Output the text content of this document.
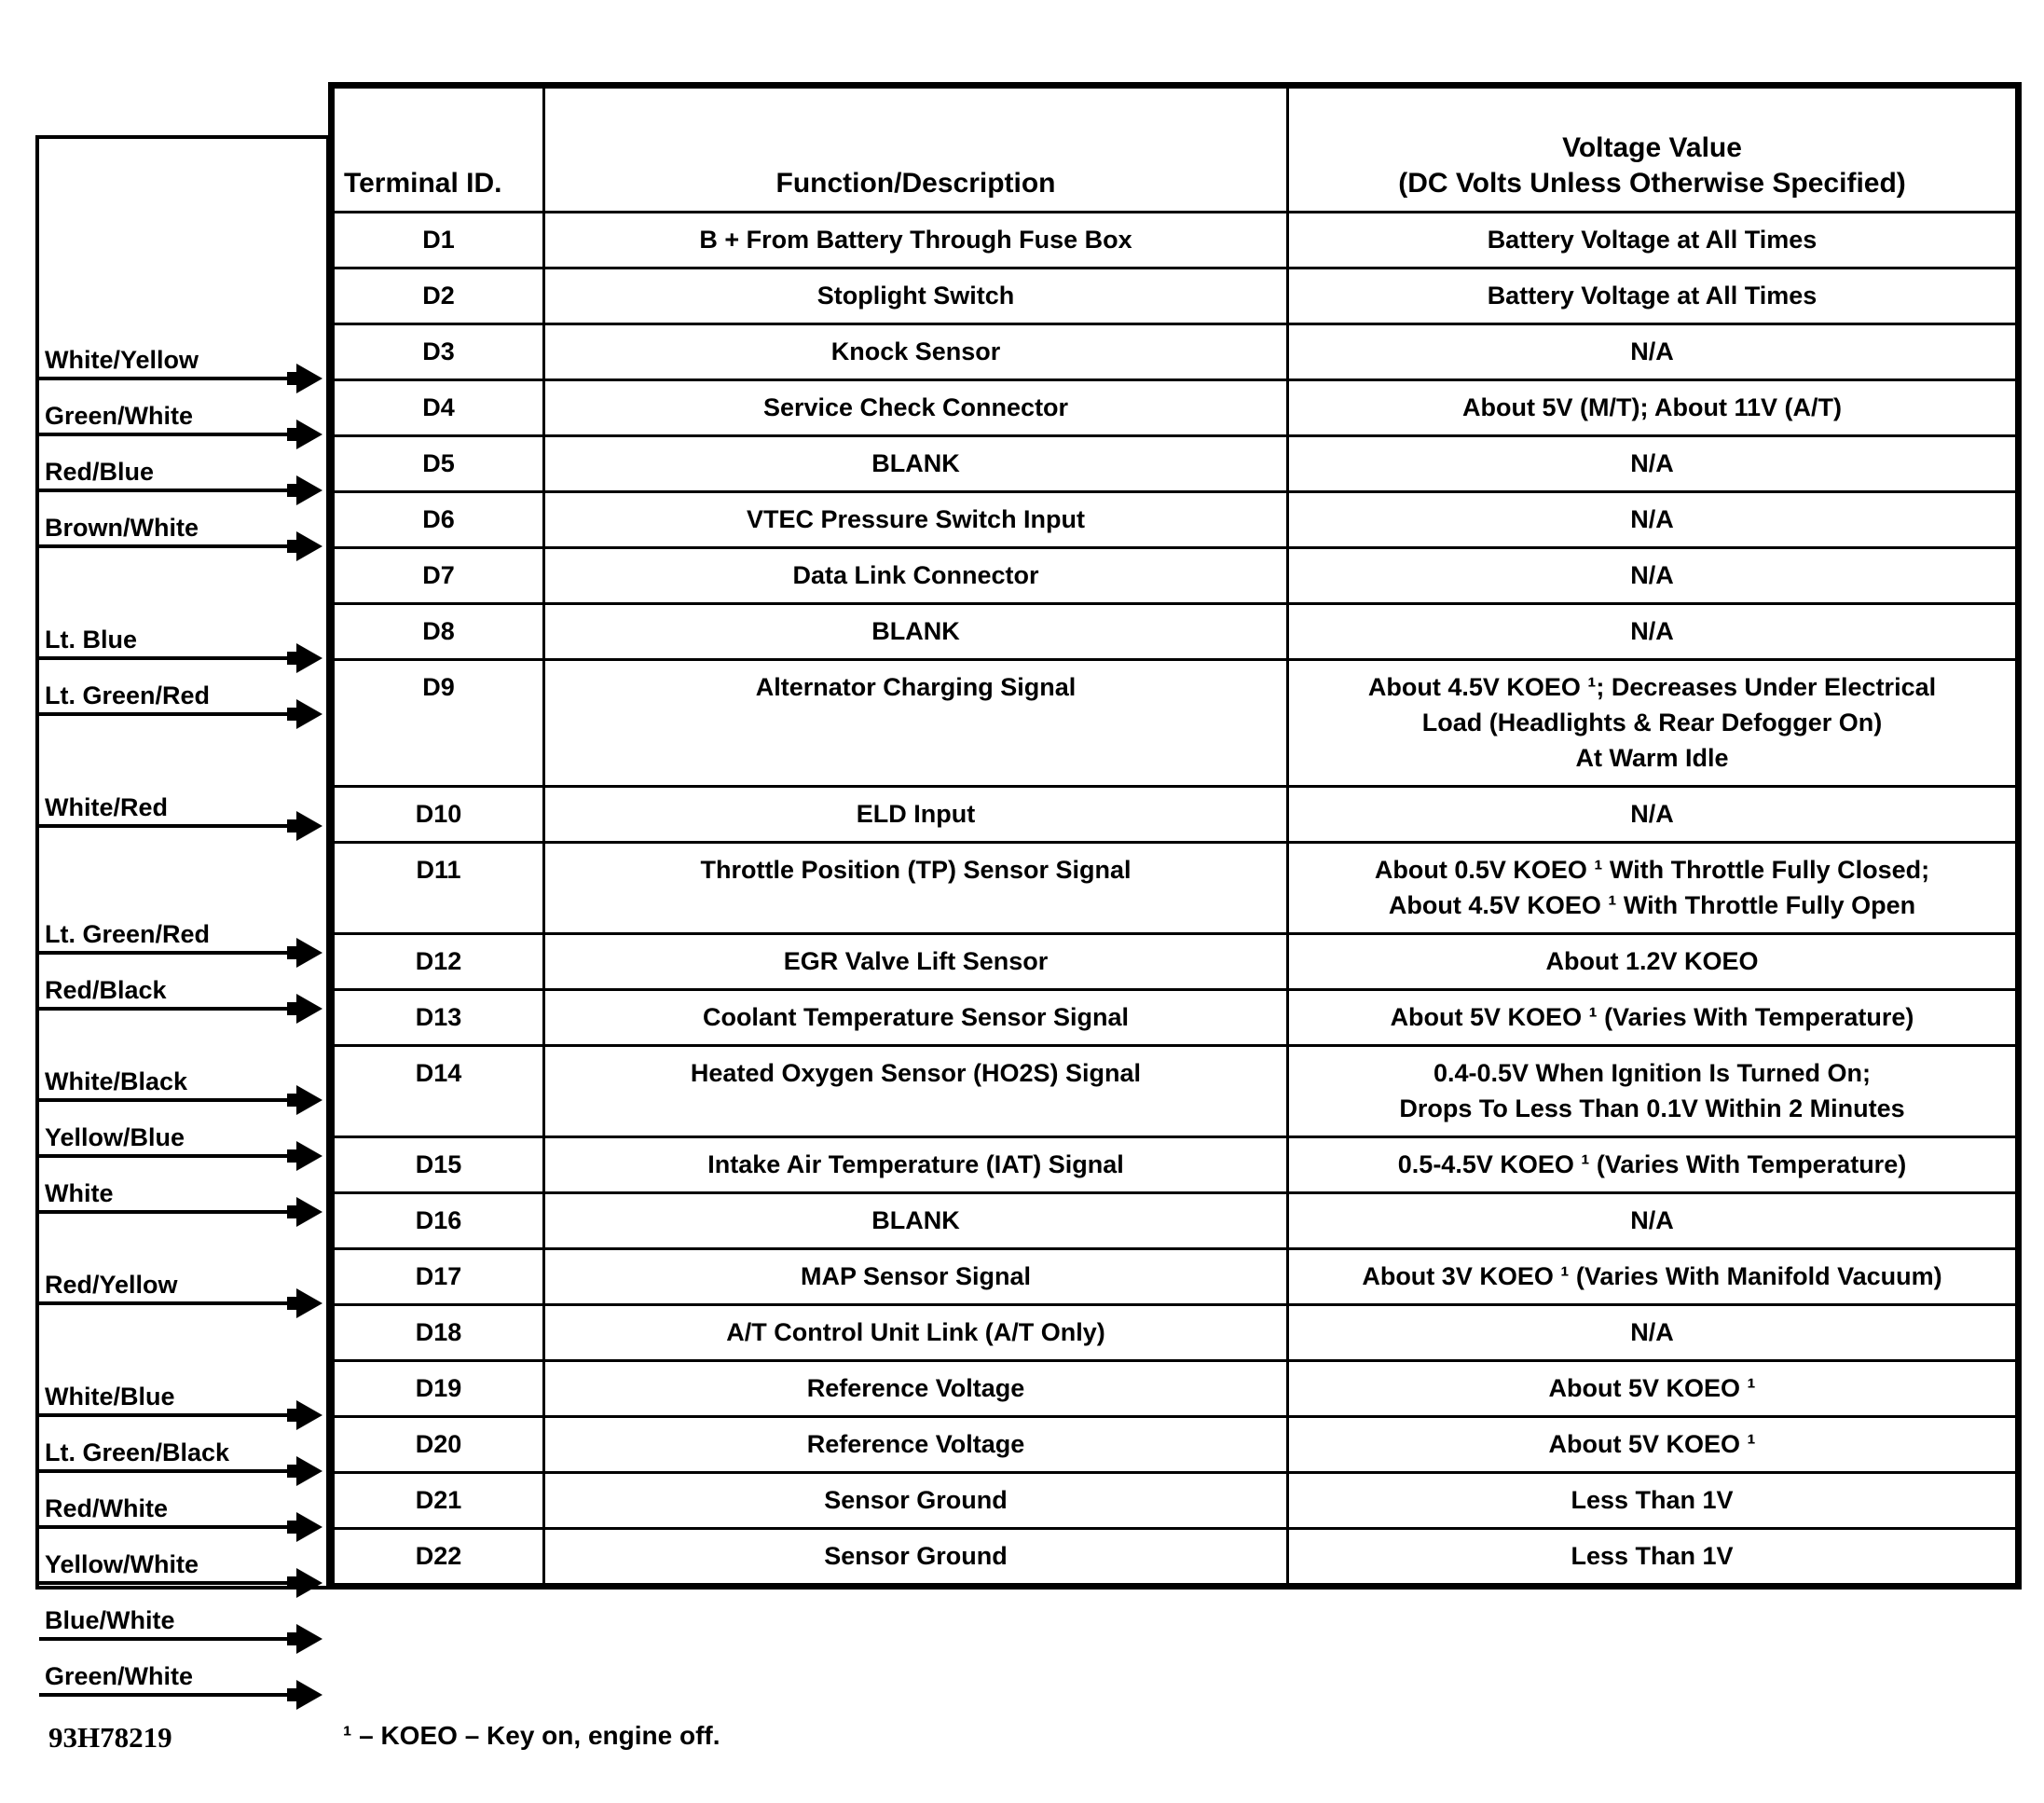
White/Yellow
Green/White
Red/Blue
Brown/White
Lt. Blue
Lt. Green/Red
White/Red
Lt. Green/Red
Red/Black
White/Black
Yellow/Blue
White
Red/Yellow
White/Blue
Lt. Green/Black
Red/White
Yellow/White
Blue/White
Green/White
Terminal ID.	Function/Description	Voltage Value
(DC Volts Unless Otherwise Specified)

D1	B + From Battery Through Fuse Box	Battery Voltage at All Times
D2	Stoplight Switch	Battery Voltage at All Times
D3	Knock Sensor	N/A
D4	Service Check Connector	About 5V (M/T); About 11V (A/T)
D5	BLANK	N/A
D6	VTEC Pressure Switch Input	N/A
D7	Data Link Connector	N/A
D8	BLANK	N/A
D9	Alternator Charging Signal	About 4.5V KOEO ¹; Decreases Under Electrical
Load (Headlights & Rear Defogger On)
At Warm Idle
D10	ELD Input	N/A
D11	Throttle Position (TP) Sensor Signal	About 0.5V KOEO ¹ With Throttle Fully Closed;
About 4.5V KOEO ¹ With Throttle Fully Open
D12	EGR Valve Lift Sensor	About 1.2V KOEO
D13	Coolant Temperature Sensor Signal	About 5V KOEO ¹ (Varies With Temperature)
D14	Heated Oxygen Sensor (HO2S) Signal	0.4-0.5V When Ignition Is Turned On;
Drops To Less Than 0.1V Within 2 Minutes
D15	Intake Air Temperature (IAT) Signal	0.5-4.5V KOEO ¹ (Varies With Temperature)
D16	BLANK	N/A
D17	MAP Sensor Signal	About 3V KOEO ¹ (Varies With Manifold Vacuum)
D18	A/T Control Unit Link (A/T Only)	N/A
D19	Reference Voltage	About 5V KOEO ¹
D20	Reference Voltage	About 5V KOEO ¹
D21	Sensor Ground	Less Than 1V
D22	Sensor Ground	Less Than 1V
93H78219	¹ – KOEO – Key on, engine off.
